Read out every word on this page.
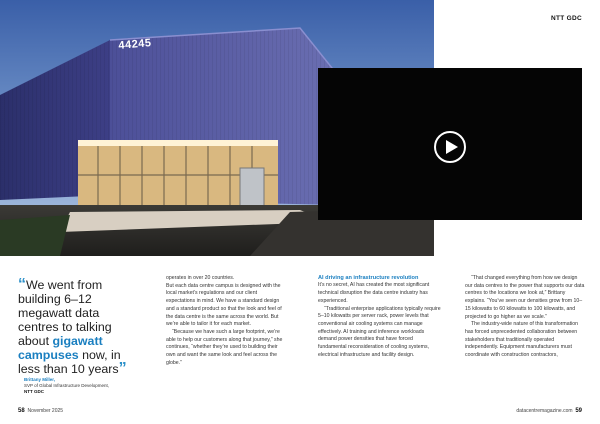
44245
NTT GDC

“We went from building 6–12 megawatt data centres to talking about gigawatt campuses now, in less than 10 years”

Brittany Miller,
SVP of Global Infrastructure Development,
NTT GDC

operates in over 20 countries.

But each data centre campus is designed with the local market’s regulations and our client expectations in mind. We have a standard design and a standard product so that the look and feel of the data centre is the same across the world. But we’re able to tailor it for each market.

“Because we have such a large footprint, we’re able to help our customers along that journey,” she continues, “whether they’re used to building their own and want the same look and feel across the globe.”

AI driving an infrastructure revolution

It’s no secret, AI has created the most significant technical disruption the data centre industry has experienced.

“Traditional enterprise applications typically require 5–10 kilowatts per server rack, power levels that conventional air cooling systems can manage effectively. AI training and inference workloads demand power densities that have forced fundamental reconsideration of cooling systems, electrical infrastructure and facility design.

“That changed everything from how we design our data centres to the power that supports our data centres to the locations we look at,” Brittany explains. “You’ve seen our densities grow from 10–15 kilowatts to 60 kilowatts to 100 kilowatts, and projected to go higher as we scale.”

The industry-wide nature of this transformation has forced unprecedented collaboration between stakeholders that traditionally operated independently. Equipment manufacturers must coordinate with construction contractors,

58 November 2025	datacentremagazine.com 59
